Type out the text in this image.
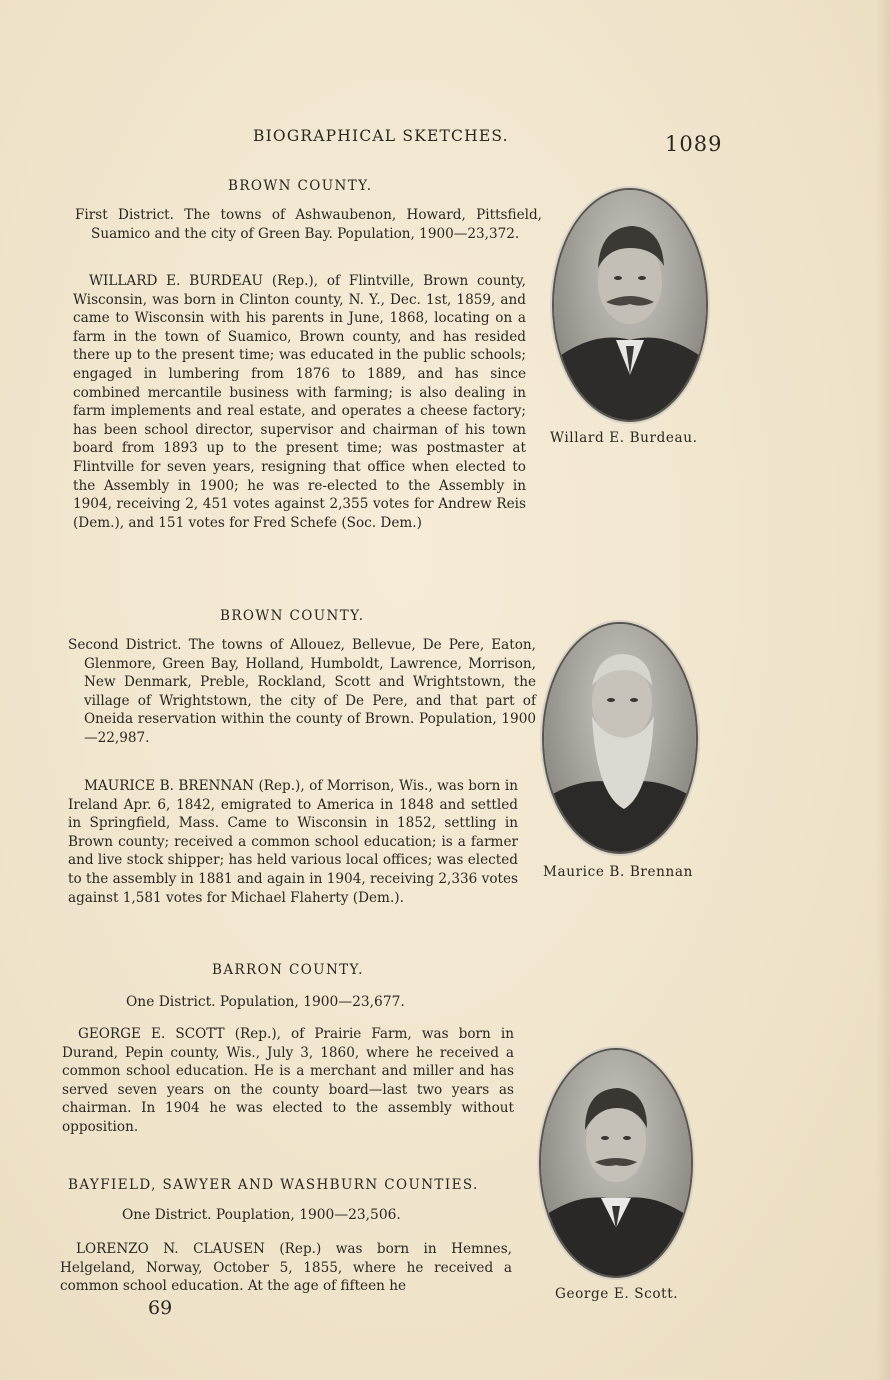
BIOGRAPHICAL SKETCHES.	1089
BROWN COUNTY.

First District. The towns of Ashwaubenon, Howard, Pittsfield, Suamico and the city of Green Bay. Population, 1900—23,372.

WILLARD E. BURDEAU (Rep.), of Flintville, Brown county, Wisconsin, was born in Clinton county, N. Y., Dec. 1st, 1859, and came to Wisconsin with his parents in June, 1868, locating on a farm in the town of Suamico, Brown county, and has resided there up to the present time; was educated in the public schools; engaged in lumbering from 1876 to 1889, and has since combined mercantile business with farming; is also dealing in farm implements and real estate, and operates a cheese factory; has been school director, supervisor and chairman of his town board from 1893 up to the present time; was postmaster at Flintville for seven years, resigning that office when elected to the Assembly in 1900; he was re-elected to the Assembly in 1904, receiving 2, 451 votes against 2,355 votes for Andrew Reis (Dem.), and 151 votes for Fred Schefe (Soc. Dem.)

Willard E. Burdeau.
BROWN COUNTY.

Second District. The towns of Allouez, Bellevue, De Pere, Eaton, Glenmore, Green Bay, Holland, Humboldt, Lawrence, Morrison, New Denmark, Preble, Rockland, Scott and Wrightstown, the village of Wrightstown, the city of De Pere, and that part of Oneida reservation within the county of Brown. Population, 1900—22,987.

MAURICE B. BRENNAN (Rep.), of Morrison, Wis., was born in Ireland Apr. 6, 1842, emigrated to America in 1848 and settled in Springfield, Mass. Came to Wisconsin in 1852, settling in Brown county; received a common school education; is a farmer and live stock shipper; has held various local offices; was elected to the assembly in 1881 and again in 1904, receiving 2,336 votes against 1,581 votes for Michael Flaherty (Dem.).

Maurice B. Brennan
BARRON COUNTY.
One District. Population, 1900—23,677.

GEORGE E. SCOTT (Rep.), of Prairie Farm, was born in Durand, Pepin county, Wis., July 3, 1860, where he received a common school education. He is a merchant and miller and has served seven years on the county board—last two years as chairman. In 1904 he was elected to the assembly without opposition.

George E. Scott.
BAYFIELD, SAWYER AND WASHBURN COUNTIES.
One District. Pouplation, 1900—23,506.

LORENZO N. CLAUSEN (Rep.) was born in Hemnes, Helgeland, Norway, October 5, 1855, where he received a common school education. At the age of fifteen he

69
